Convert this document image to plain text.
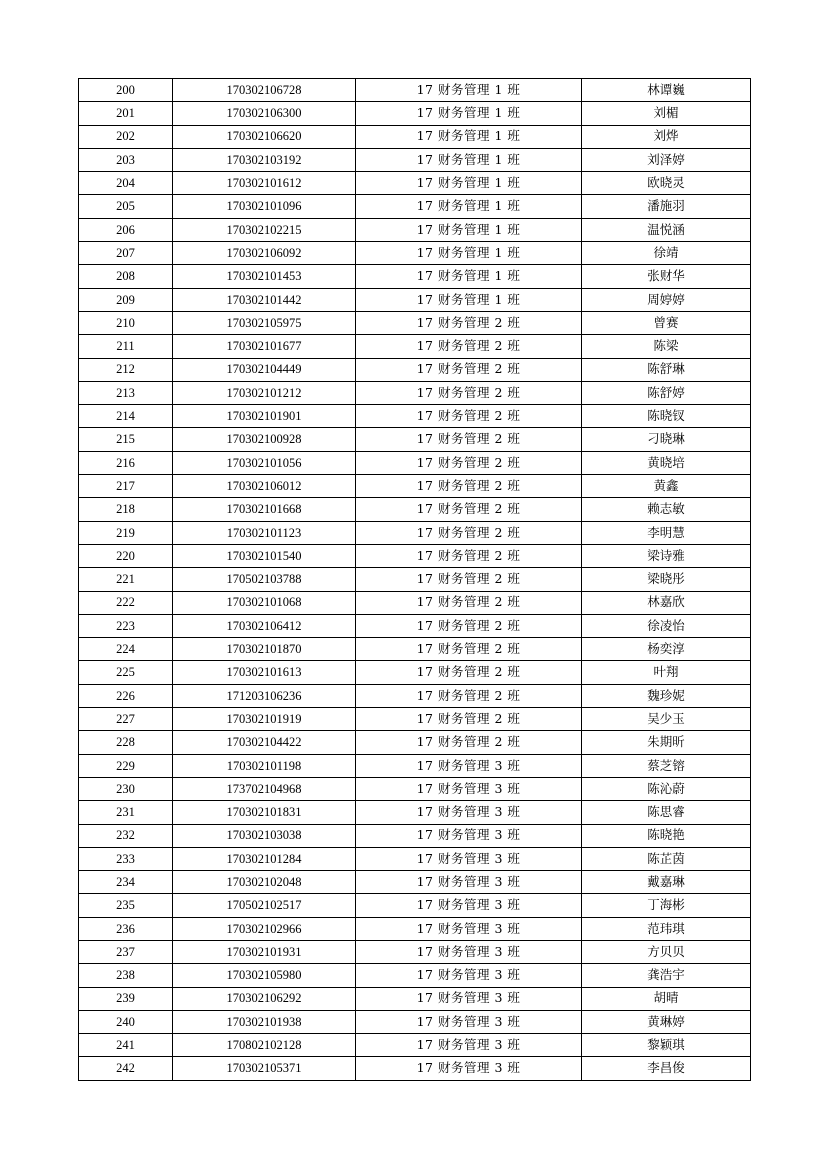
200	170302106728	17 财务管理 1 班	林谭巍
201	170302106300	17 财务管理 1 班	刘楣
202	170302106620	17 财务管理 1 班	刘烨
203	170302103192	17 财务管理 1 班	刘泽婷
204	170302101612	17 财务管理 1 班	欧晓灵
205	170302101096	17 财务管理 1 班	潘施羽
206	170302102215	17 财务管理 1 班	温悦涵
207	170302106092	17 财务管理 1 班	徐靖
208	170302101453	17 财务管理 1 班	张财华
209	170302101442	17 财务管理 1 班	周婷婷
210	170302105975	17 财务管理 2 班	曾赛
211	170302101677	17 财务管理 2 班	陈梁
212	170302104449	17 财务管理 2 班	陈舒琳
213	170302101212	17 财务管理 2 班	陈舒婷
214	170302101901	17 财务管理 2 班	陈晓钗
215	170302100928	17 财务管理 2 班	刁晓琳
216	170302101056	17 财务管理 2 班	黄晓培
217	170302106012	17 财务管理 2 班	黄鑫
218	170302101668	17 财务管理 2 班	赖志敏
219	170302101123	17 财务管理 2 班	李明慧
220	170302101540	17 财务管理 2 班	梁诗雅
221	170502103788	17 财务管理 2 班	梁晓彤
222	170302101068	17 财务管理 2 班	林嘉欣
223	170302106412	17 财务管理 2 班	徐凌怡
224	170302101870	17 财务管理 2 班	杨奕淳
225	170302101613	17 财务管理 2 班	叶翔
226	171203106236	17 财务管理 2 班	魏珍妮
227	170302101919	17 财务管理 2 班	吴少玉
228	170302104422	17 财务管理 2 班	朱期昕
229	170302101198	17 财务管理 3 班	蔡芝镕
230	173702104968	17 财务管理 3 班	陈沁蔚
231	170302101831	17 财务管理 3 班	陈思睿
232	170302103038	17 财务管理 3 班	陈晓艳
233	170302101284	17 财务管理 3 班	陈芷茵
234	170302102048	17 财务管理 3 班	戴嘉琳
235	170502102517	17 财务管理 3 班	丁海彬
236	170302102966	17 财务管理 3 班	范玮琪
237	170302101931	17 财务管理 3 班	方贝贝
238	170302105980	17 财务管理 3 班	龚浩宇
239	170302106292	17 财务管理 3 班	胡晴
240	170302101938	17 财务管理 3 班	黄琳婷
241	170802102128	17 财务管理 3 班	黎颖琪
242	170302105371	17 财务管理 3 班	李昌俊
